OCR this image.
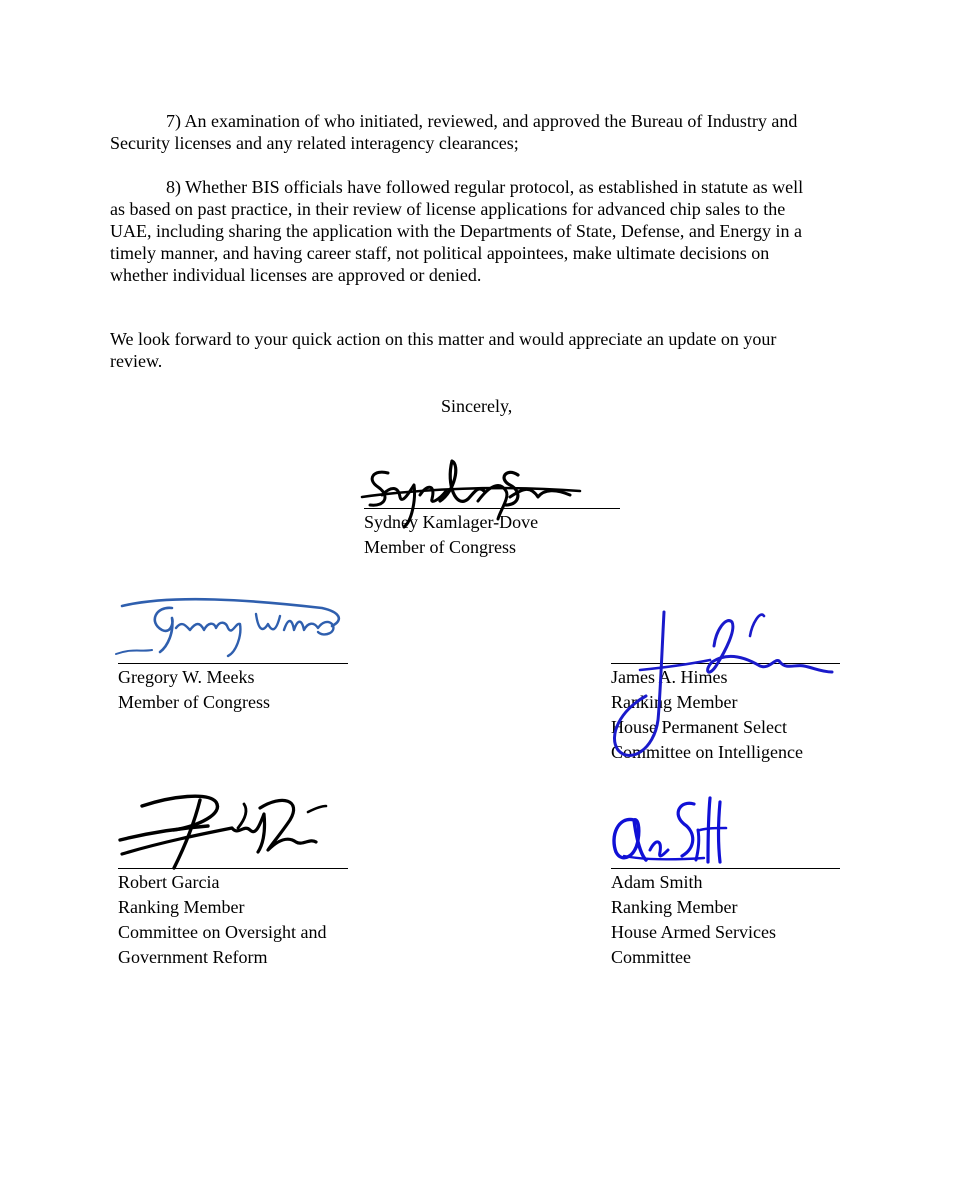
7) An examination of who initiated, reviewed, and approved the Bureau of Industry and
Security licenses and any related interagency clearances;
8) Whether BIS officials have followed regular protocol, as established in statute as well
as based on past practice, in their review of license applications for advanced chip sales to the
UAE, including sharing the application with the Departments of State, Defense, and Energy in a
timely manner, and having career staff, not political appointees, make ultimate decisions on
whether individual licenses are approved or denied.
We look forward to your quick action on this matter and would appreciate an update on your
review.
Sincerely,
Sydney Kamlager-Dove
Member of Congress
Gregory W. Meeks
Member of Congress
James A. Himes
Ranking Member
House Permanent Select
Committee on Intelligence
Robert Garcia
Ranking Member
Committee on Oversight and
Government Reform
Adam Smith
Ranking Member
House Armed Services
Committee
